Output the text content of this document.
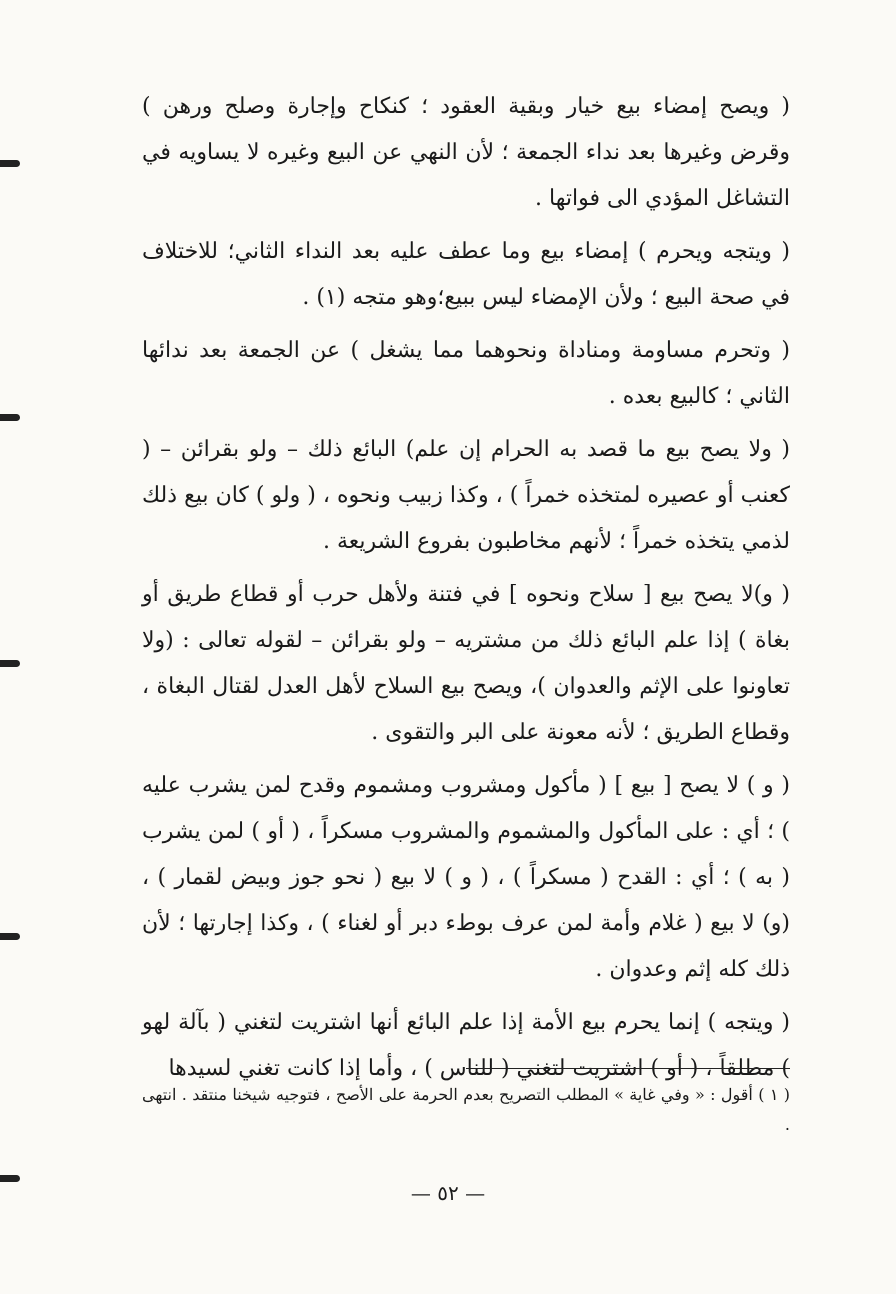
( ويصح إمضاء بيع خيار وبقية العقود ؛ كنكاح وإجارة وصلح ورهن ) وقرض وغيرها بعد نداء الجمعة ؛ لأن النهي عن البيع وغيره لا يساويه في التشاغل المؤدي الى فواتها .

( ويتجه ويحرم ) إمضاء بيع وما عطف عليه بعد النداء الثاني؛ للاختلاف في صحة البيع ؛ ولأن الإمضاء ليس ببيع؛وهو متجه (١) .

( وتحرم مساومة ومناداة ونحوهما مما يشغل ) عن الجمعة بعد ندائها الثاني ؛ كالبيع بعده .

( ولا يصح بيع ما قصد به الحرام إن علم) البائع ذلك – ولو بقرائن – ( كعنب أو عصيره لمتخذه خمراً ) ، وكذا زبيب ونحوه ، ( ولو ) كان بيع ذلك لذمي يتخذه خمراً ؛ لأنهم مخاطبون بفروع الشريعة .

( و)لا يصح بيع [ سلاح ونحوه ] في فتنة ولأهل حرب أو قطاع طريق أو بغاة ) إذا علم البائع ذلك من مشتريه – ولو بقرائن – لقوله تعالى : (ولا تعاونوا على الإثم والعدوان )، ويصح بيع السلاح لأهل العدل لقتال البغاة ، وقطاع الطريق ؛ لأنه معونة على البر والتقوى .

( و ) لا يصح [ بيع ] ( مأكول ومشروب ومشموم وقدح لمن يشرب عليه ) ؛ أي : على المأكول والمشموم والمشروب مسكراً ، ( أو ) لمن يشرب ( به ) ؛ أي : القدح ( مسكراً ) ، ( و ) لا بيع ( نحو جوز وبيض لقمار ) ، (و) لا بيع ( غلام وأمة لمن عرف بوطء دبر أو لغناء ) ، وكذا إجارتها ؛ لأن ذلك كله إثم وعدوان .

( ويتجه ) إنما يحرم بيع الأمة إذا علم البائع أنها اشتريت لتغني ( بآلة لهو ) مطلقاً ، ( أو ) اشتريت لتغني ( للناس ) ، وأما إذا كانت تغني لسيدها

( ١ ) أقول : « وفي غاية » المطلب التصريح بعدم الحرمة على الأصح ، فتوجيه شيخنا منتقد . انتهى .

— ٥٢ —
